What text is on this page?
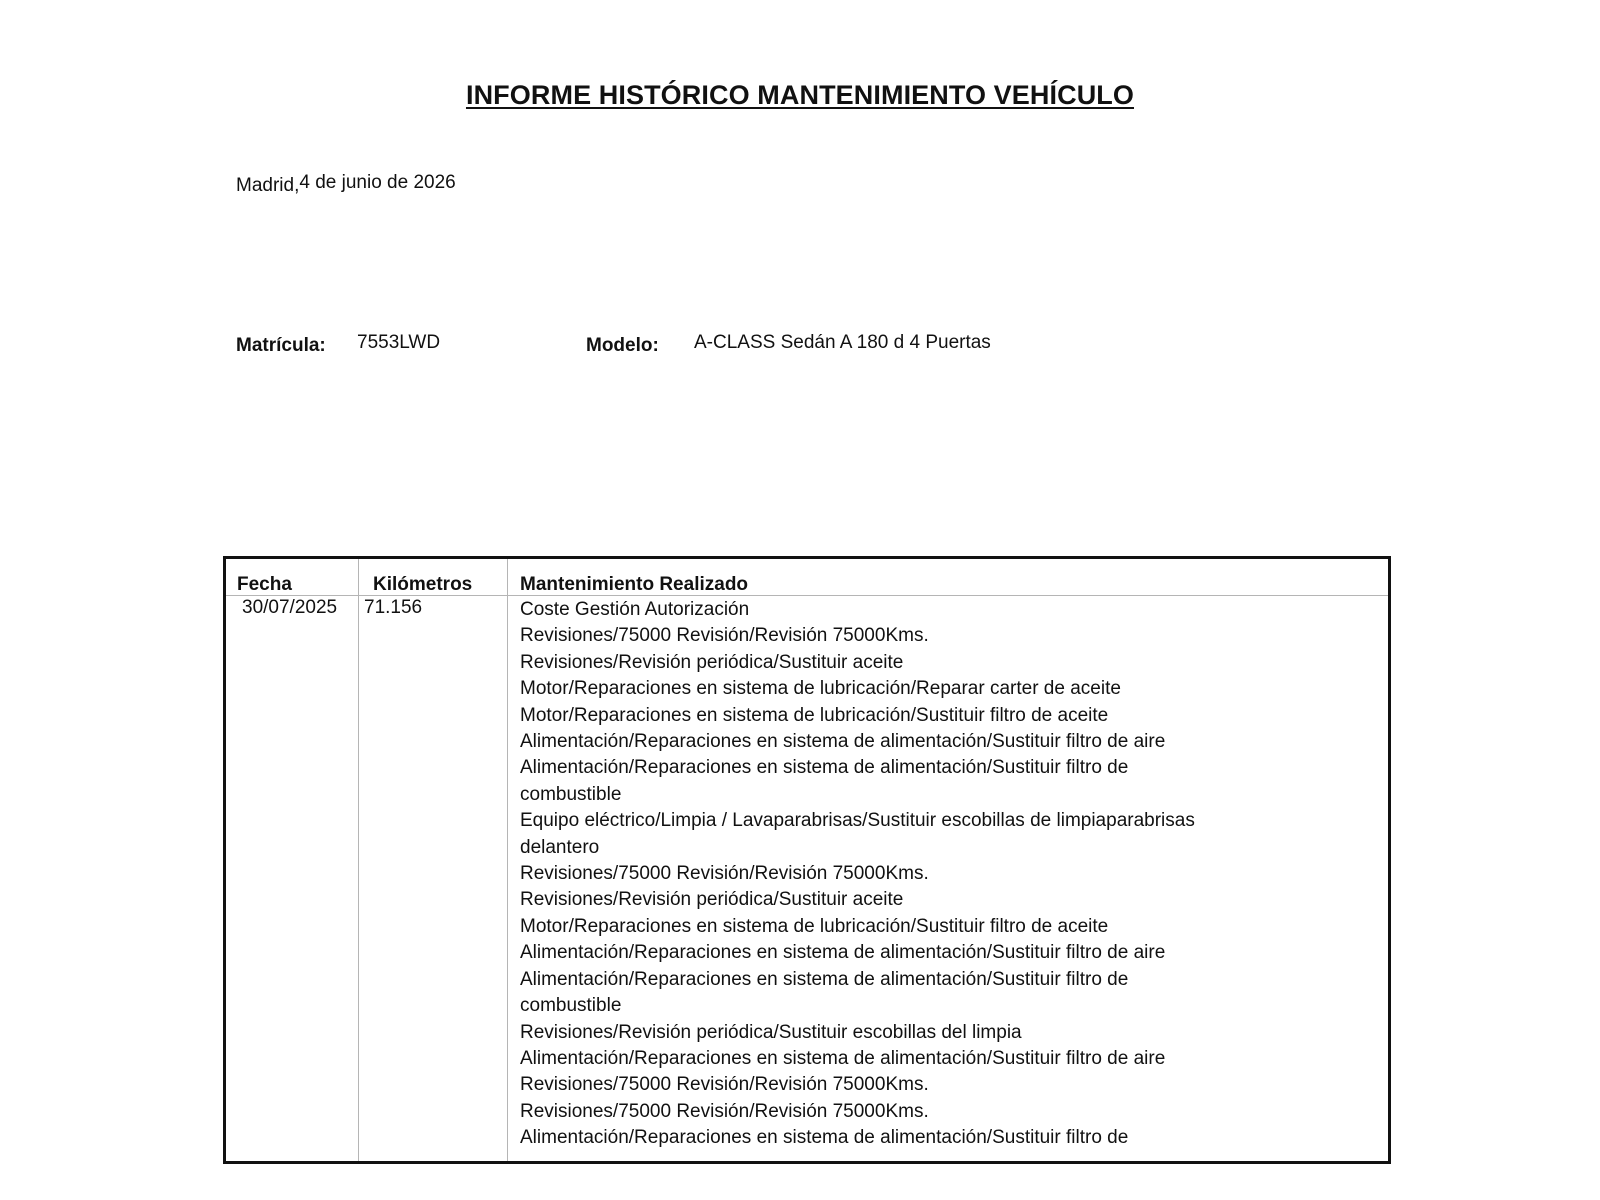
INFORME HISTÓRICO MANTENIMIENTO VEHÍCULO
Madrid,4 de junio de 2026
Matrícula: 7553LWD	Modelo: A-CLASS Sedán A 180 d 4 Puertas
Fecha	Kilómetros	Mantenimiento Realizado
30/07/2025 71.156	Coste Gestión Autorización
Revisiones/75000 Revisión/Revisión 75000Kms.
Revisiones/Revisión periódica/Sustituir aceite
Motor/Reparaciones en sistema de lubricación/Reparar carter de aceite
Motor/Reparaciones en sistema de lubricación/Sustituir filtro de aceite
Alimentación/Reparaciones en sistema de alimentación/Sustituir filtro de aire
Alimentación/Reparaciones en sistema de alimentación/Sustituir filtro de
combustible
Equipo eléctrico/Limpia / Lavaparabrisas/Sustituir escobillas de limpiaparabrisas
delantero
Revisiones/75000 Revisión/Revisión 75000Kms.
Revisiones/Revisión periódica/Sustituir aceite
Motor/Reparaciones en sistema de lubricación/Sustituir filtro de aceite
Alimentación/Reparaciones en sistema de alimentación/Sustituir filtro de aire
Alimentación/Reparaciones en sistema de alimentación/Sustituir filtro de
combustible
Revisiones/Revisión periódica/Sustituir escobillas del limpia
Alimentación/Reparaciones en sistema de alimentación/Sustituir filtro de aire
Revisiones/75000 Revisión/Revisión 75000Kms.
Revisiones/75000 Revisión/Revisión 75000Kms.
Alimentación/Reparaciones en sistema de alimentación/Sustituir filtro de
